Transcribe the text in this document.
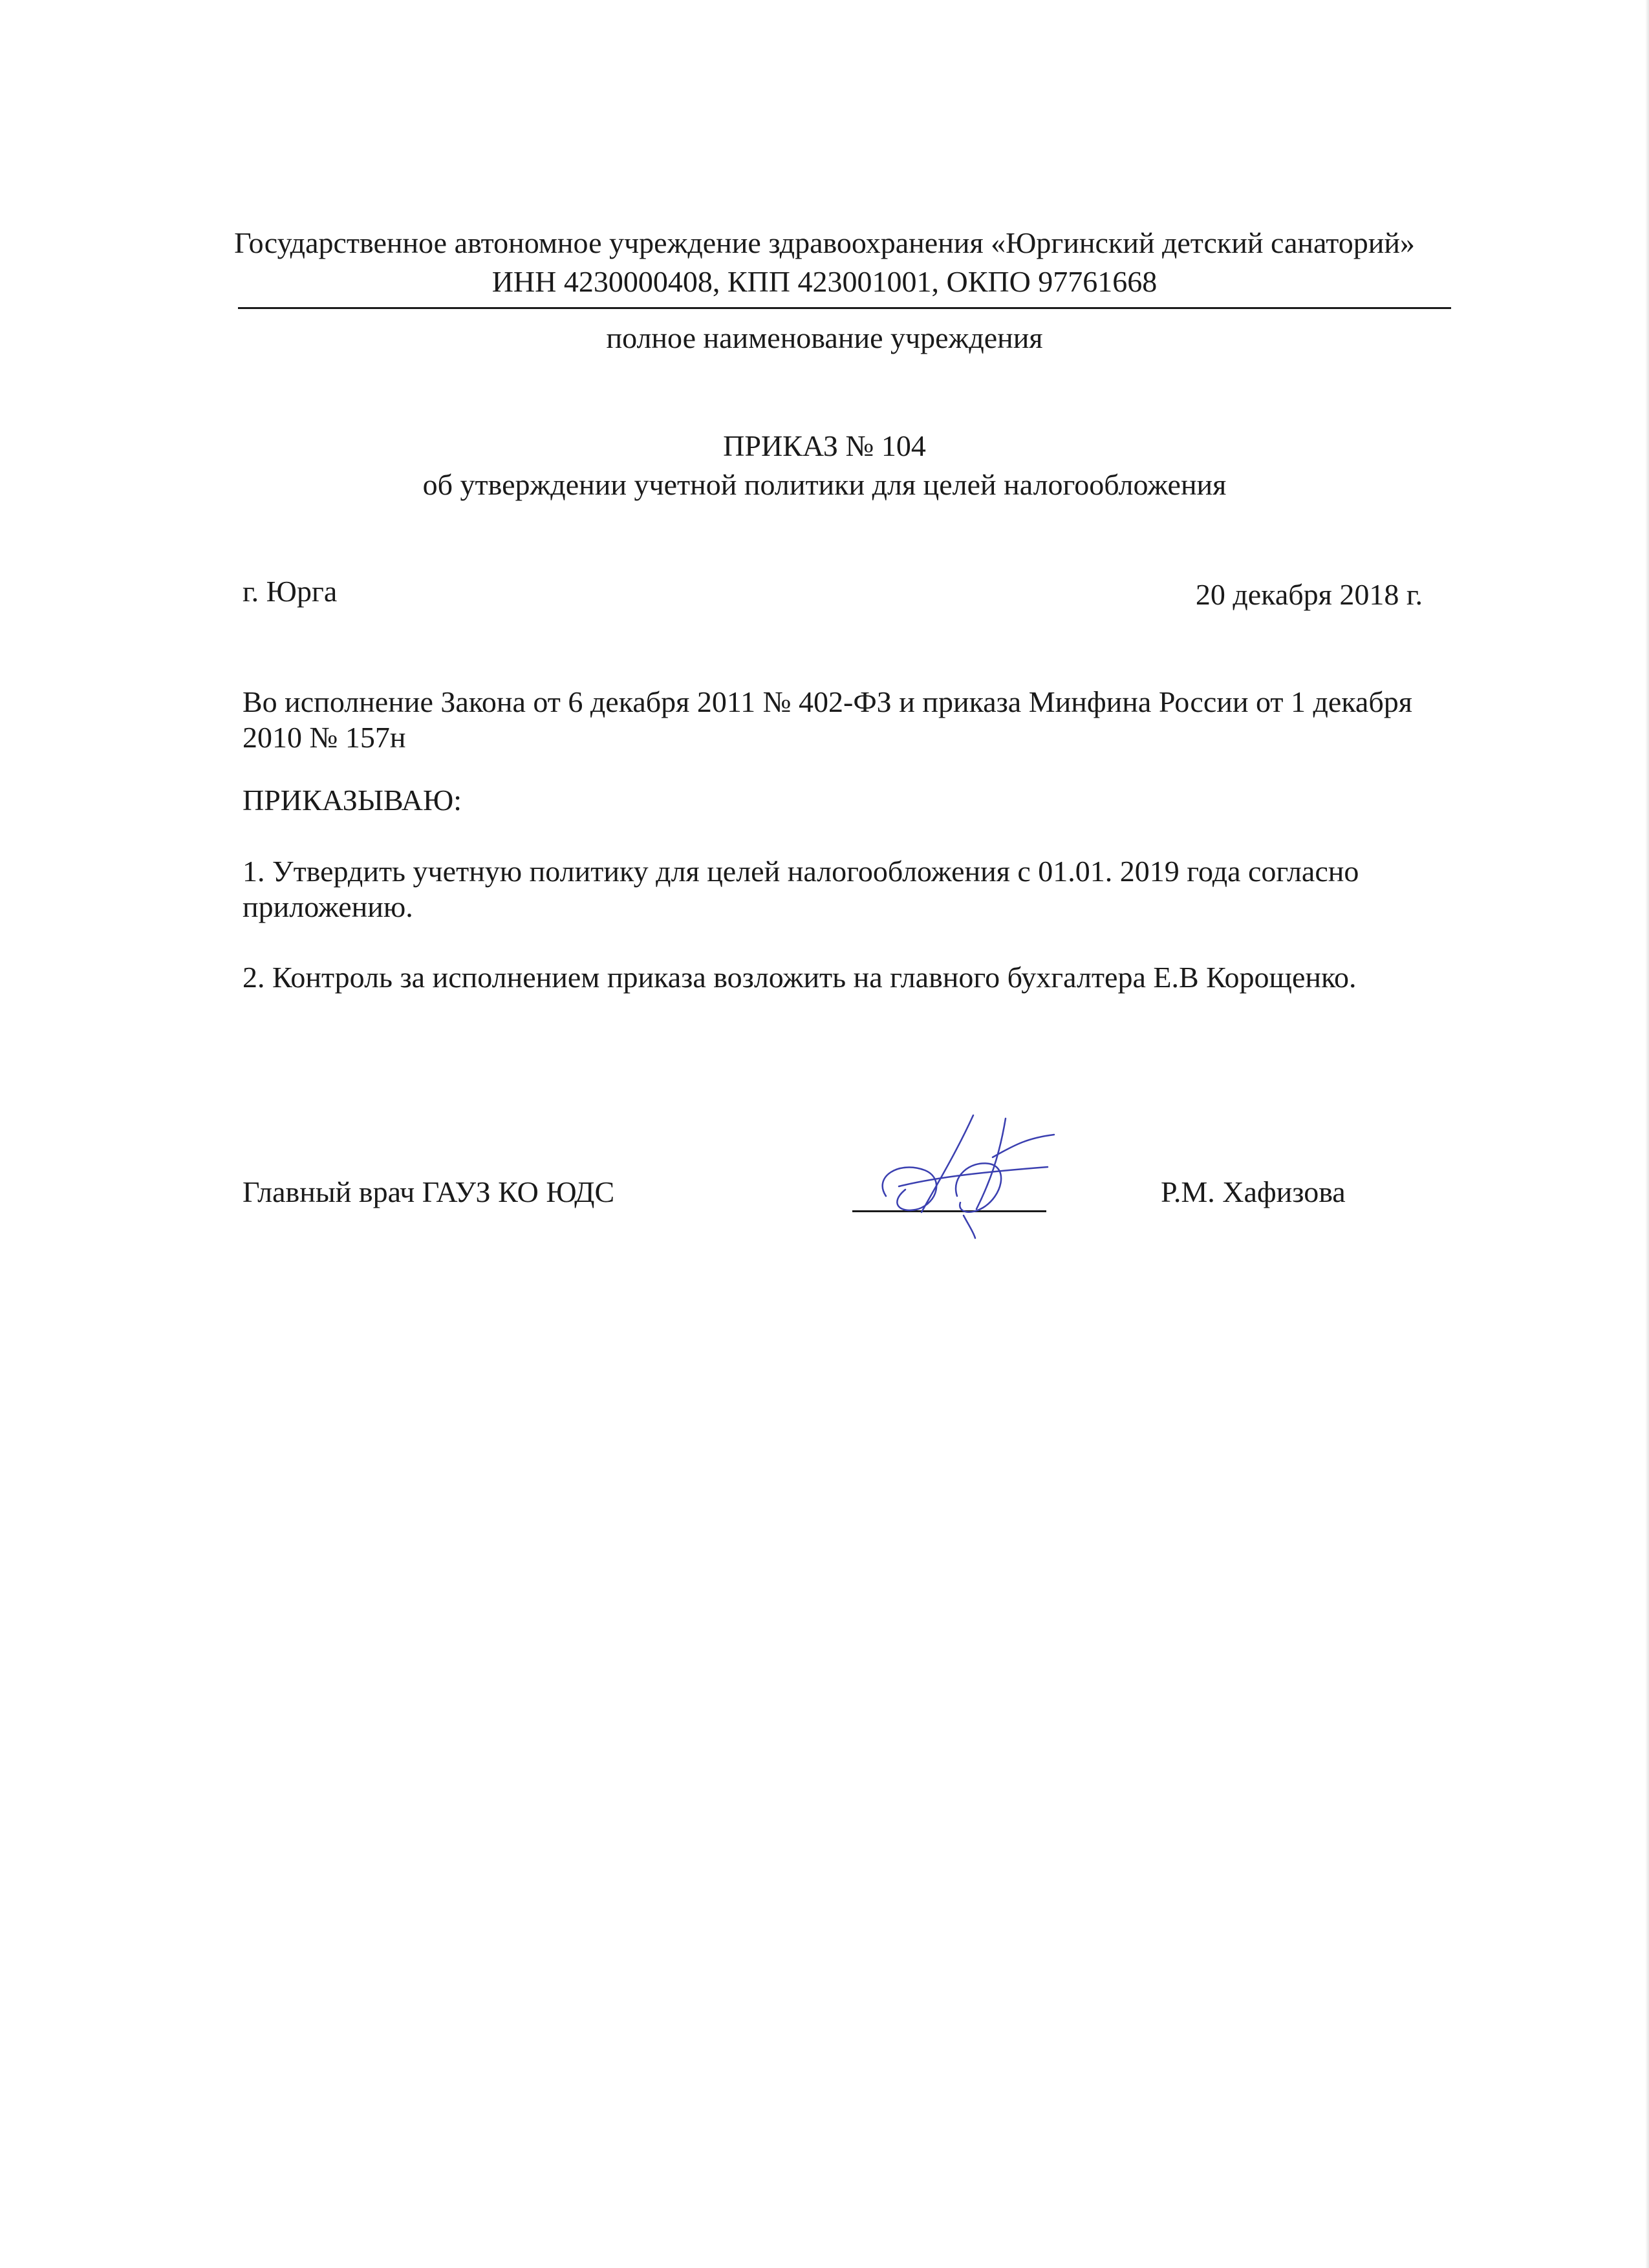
Государственное автономное учреждение здравоохранения «Юргинский детский санаторий»
ИНН 4230000408, КПП 423001001, ОКПО 97761668
полное наименование учреждения
ПРИКАЗ № 104
об утверждении учетной политики для целей налогообложения
г. Юрга	20 декабря 2018 г.
Во исполнение Закона от 6 декабря 2011 № 402-ФЗ и приказа Минфина России от 1 декабря
2010 № 157н
ПРИКАЗЫВАЮ:
1. Утвердить учетную политику для целей налогообложения с 01.01. 2019 года согласно
приложению.
2. Контроль за исполнением приказа возложить на главного бухгалтера Е.В Корощенко.
Главный врач ГАУЗ КО ЮДС	Р.М. Хафизова
